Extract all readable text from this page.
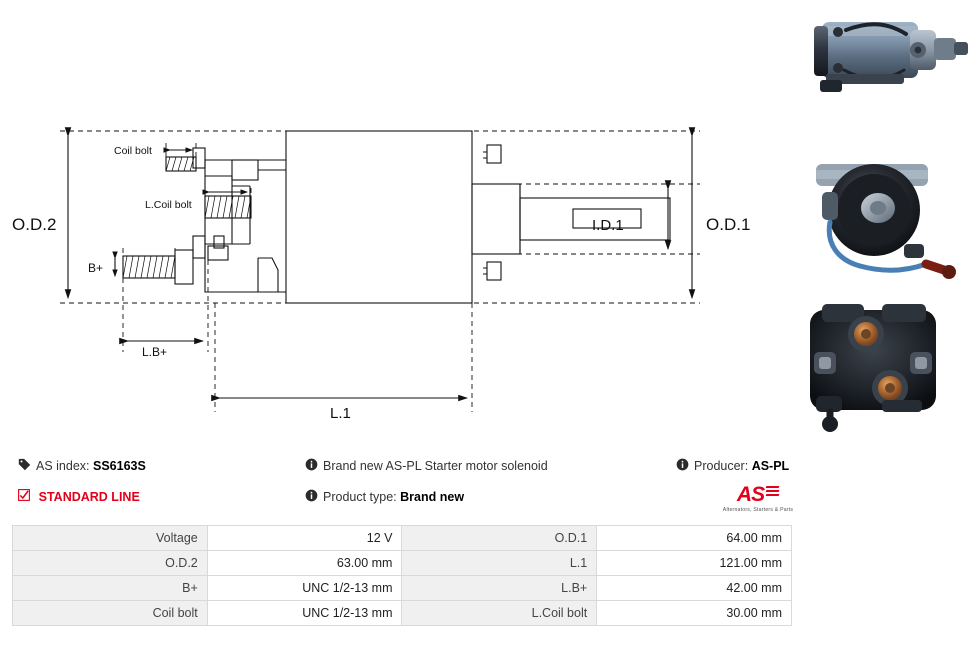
O.D.2	O.D.1
I.D.1
L.1
L.B+
B+
Coil bolt
L.Coil bolt
AS index: SS6163S
STANDARD LINE
Brand new AS-PL Starter motor solenoid
Product type: Brand new
Producer: AS-PL
AS
Alternators, Starters & Parts
Voltage	12 V	O.D.1	64.00 mm
O.D.2	63.00 mm	L.1	121.00 mm
B+	UNC 1/2-13 mm	L.B+	42.00 mm
Coil bolt	UNC 1/2-13 mm	L.Coil bolt	30.00 mm
